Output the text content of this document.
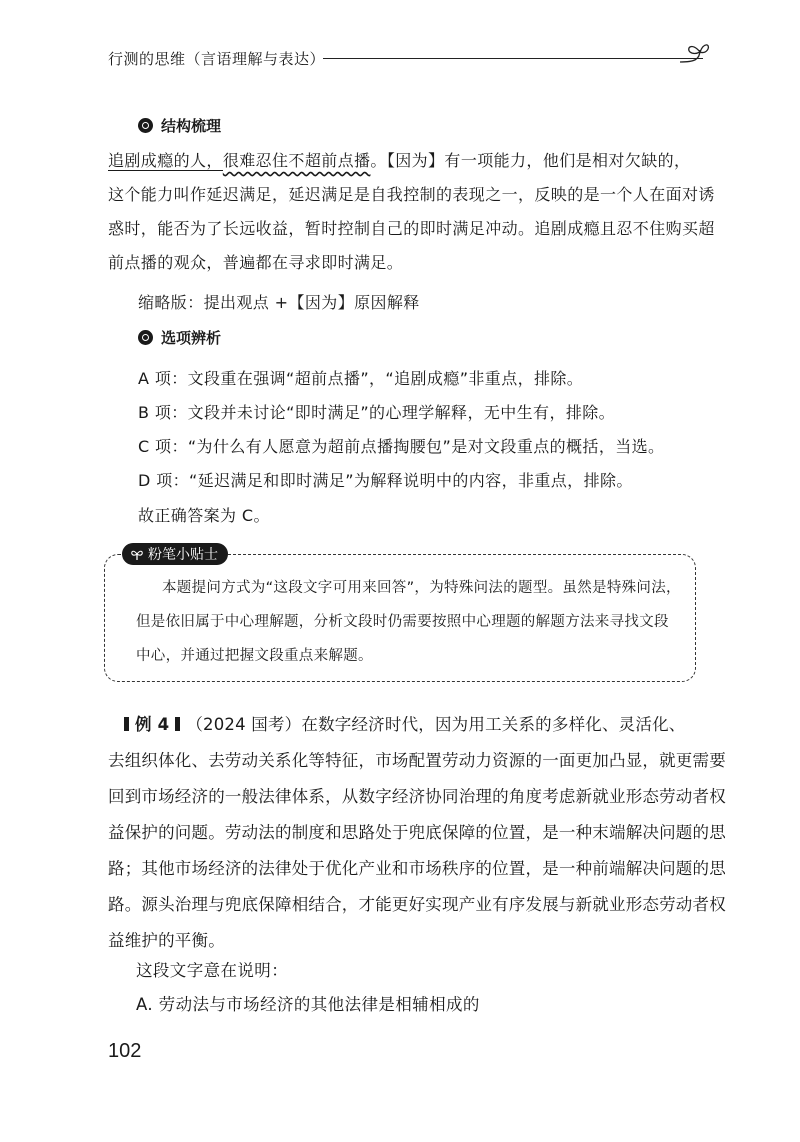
行测的思维（言语理解与表达）
结构梳理
追剧成瘾的人，很难忍住不超前点播。【因为】有一项能力，他们是相对欠缺的，
这个能力叫作延迟满足，延迟满足是自我控制的表现之一，反映的是一个人在面对诱
惑时，能否为了长远收益，暂时控制自己的即时满足冲动。追剧成瘾且忍不住购买超
前点播的观众，普遍都在寻求即时满足。
缩略版：提出观点 +【因为】原因解释
选项辨析
A 项：文段重在强调“超前点播”，“追剧成瘾”非重点，排除。
B 项：文段并未讨论“即时满足”的心理学解释，无中生有，排除。
C 项：“为什么有人愿意为超前点播掏腰包”是对文段重点的概括，当选。
D 项：“延迟满足和即时满足”为解释说明中的内容，非重点，排除。
故正确答案为 C。
粉笔小贴士
本题提问方式为“这段文字可用来回答”，为特殊问法的题型。虽然是特殊问法，
但是依旧属于中心理解题，分析文段时仍需要按照中心理题的解题方法来寻找文段
中心，并通过把握文段重点来解题。
例 4 （2024 国考）在数字经济时代，因为用工关系的多样化、灵活化、
去组织体化、去劳动关系化等特征，市场配置劳动力资源的一面更加凸显，就更需要
回到市场经济的一般法律体系，从数字经济协同治理的角度考虑新就业形态劳动者权
益保护的问题。劳动法的制度和思路处于兜底保障的位置，是一种末端解决问题的思
路；其他市场经济的法律处于优化产业和市场秩序的位置，是一种前端解决问题的思
路。源头治理与兜底保障相结合，才能更好实现产业有序发展与新就业形态劳动者权
益维护的平衡。
这段文字意在说明：
A. 劳动法与市场经济的其他法律是相辅相成的
102
